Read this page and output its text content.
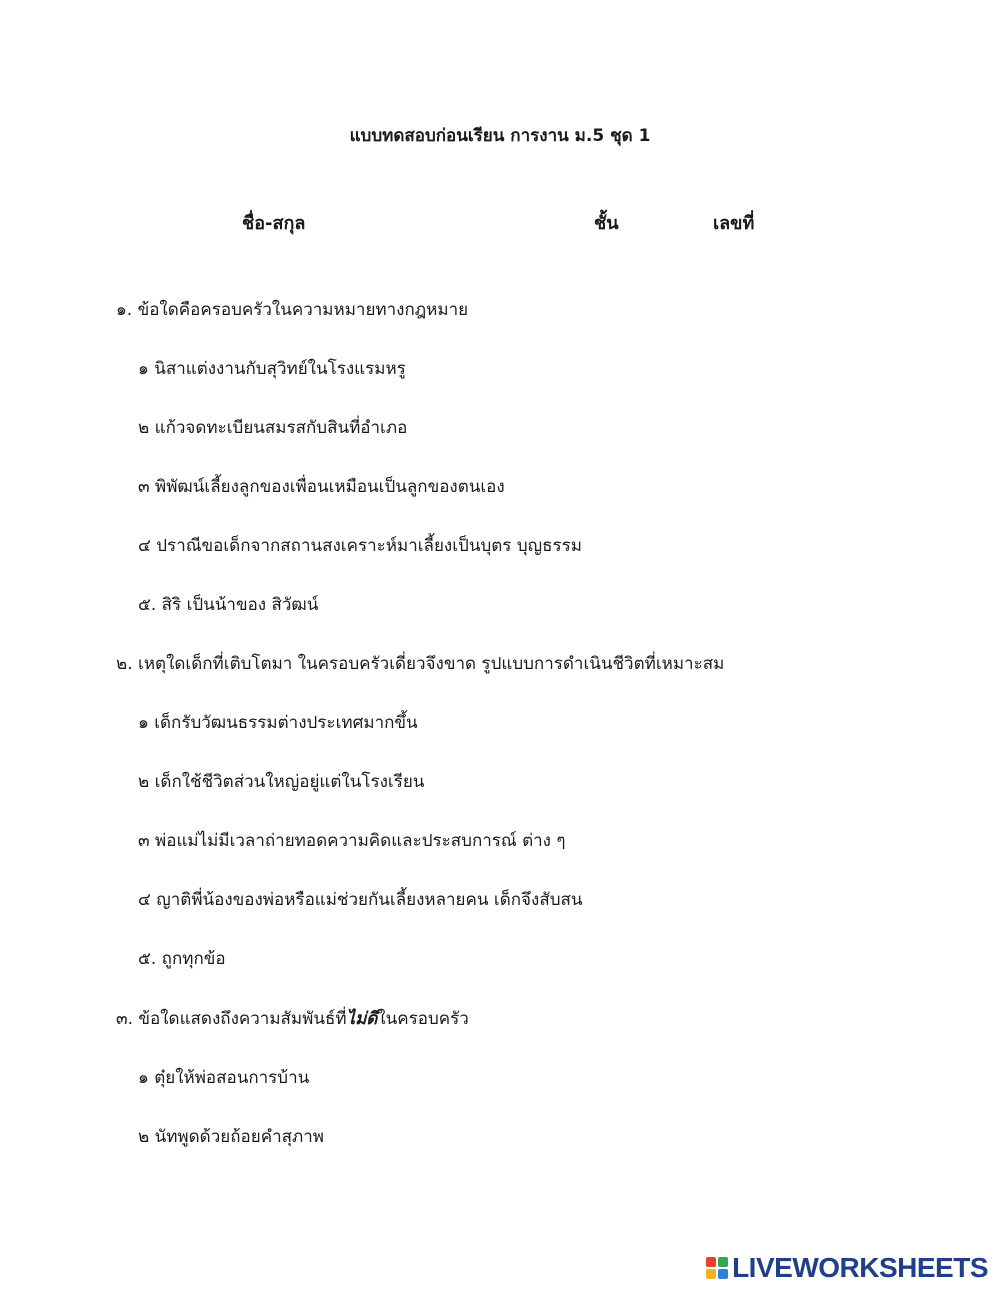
แบบทดสอบก่อนเรียน การงาน ม.5 ชุด 1

ชื่อ-สกุล	ชั้น	เลขที่

๑. ข้อใดคือครอบครัวในความหมายทางกฎหมาย

๑ นิสาแต่งงานกับสุวิทย์ในโรงแรมหรู

๒ แก้วจดทะเบียนสมรสกับสินที่อำเภอ

๓ พิพัฒน์เลี้ยงลูกของเพื่อนเหมือนเป็นลูกของตนเอง

๔ ปราณีขอเด็กจากสถานสงเคราะห์มาเลี้ยงเป็นบุตร บุญธรรม

๕. สิริ เป็นน้าของ สิวัฒน์

๒. เหตุใดเด็กที่เติบโตมา ในครอบครัวเดี่ยวจึงขาด รูปแบบการดำเนินชีวิตที่เหมาะสม

๑ เด็กรับวัฒนธรรมต่างประเทศมากขึ้น

๒ เด็กใช้ชีวิตส่วนใหญ่อยู่แต่ในโรงเรียน

๓ พ่อแม่ไม่มีเวลาถ่ายทอดความคิดและประสบการณ์ ต่าง ๆ

๔ ญาติพี่น้องของพ่อหรือแม่ช่วยกันเลี้ยงหลายคน เด็กจึงสับสน

๕. ถูกทุกข้อ

๓. ข้อใดแสดงถึงความสัมพันธ์ที่ไม่ดีในครอบครัว

๑ ตุ๋ยให้พ่อสอนการบ้าน

๒ นัทพูดด้วยถ้อยคำสุภาพ

LIVEWORKSHEETS
